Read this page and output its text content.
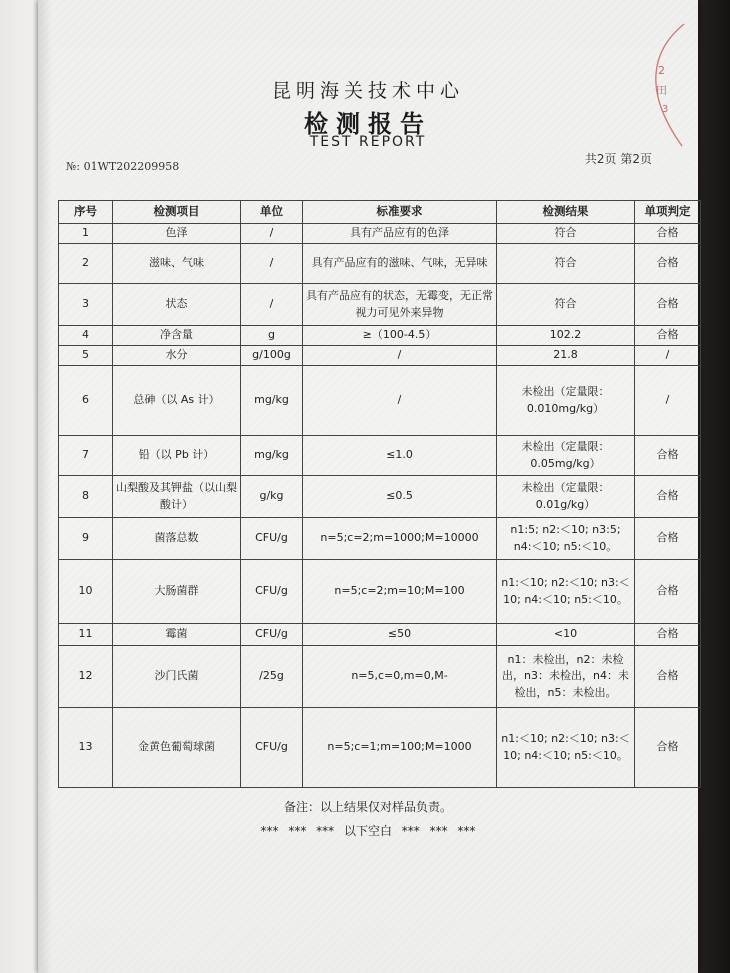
2
田
3
昆明海关技术中心
检测报告
TEST REPORT
№: 01WT202209958
共2页 第2页
序号	检测项目	单位	标准要求	检测结果	单项判定
1	色泽	/	具有产品应有的色泽	符合	合格
2	滋味、气味	/	具有产品应有的滋味、气味，无异味	符合	合格
3	状态	/	具有产品应有的状态，无霉变，无正常视力可见外来异物	符合	合格
4	净含量	g	≥（100-4.5）	102.2	合格
5	水分	g/100g	/	21.8	/
6	总砷（以 As 计）	mg/kg	/	未检出（定量限：0.010mg/kg）	/
7	铅（以 Pb 计）	mg/kg	≤1.0	未检出（定量限：0.05mg/kg）	合格
8	山梨酸及其钾盐（以山梨酸计）	g/kg	≤0.5	未检出（定量限：0.01g/kg）	合格
9	菌落总数	CFU/g	n=5;c=2;m=1000;M=10000	n1:5; n2:＜10; n3:5; n4:＜10; n5:＜10。	合格
10	大肠菌群	CFU/g	n=5;c=2;m=10;M=100	n1:＜10; n2:＜10; n3:＜10; n4:＜10; n5:＜10。	合格
11	霉菌	CFU/g	≤50	<10	合格
12	沙门氏菌	/25g	n=5,c=0,m=0,M-	n1：未检出，n2：未检出，n3：未检出，n4：未检出，n5：未检出。	合格
13	金黄色葡萄球菌	CFU/g	n=5;c=1;m=100;M=1000	n1:＜10; n2:＜10; n3:＜10; n4:＜10; n5:＜10。	合格
备注：以上结果仅对样品负责。
*** *** *** 以下空白 *** *** ***
